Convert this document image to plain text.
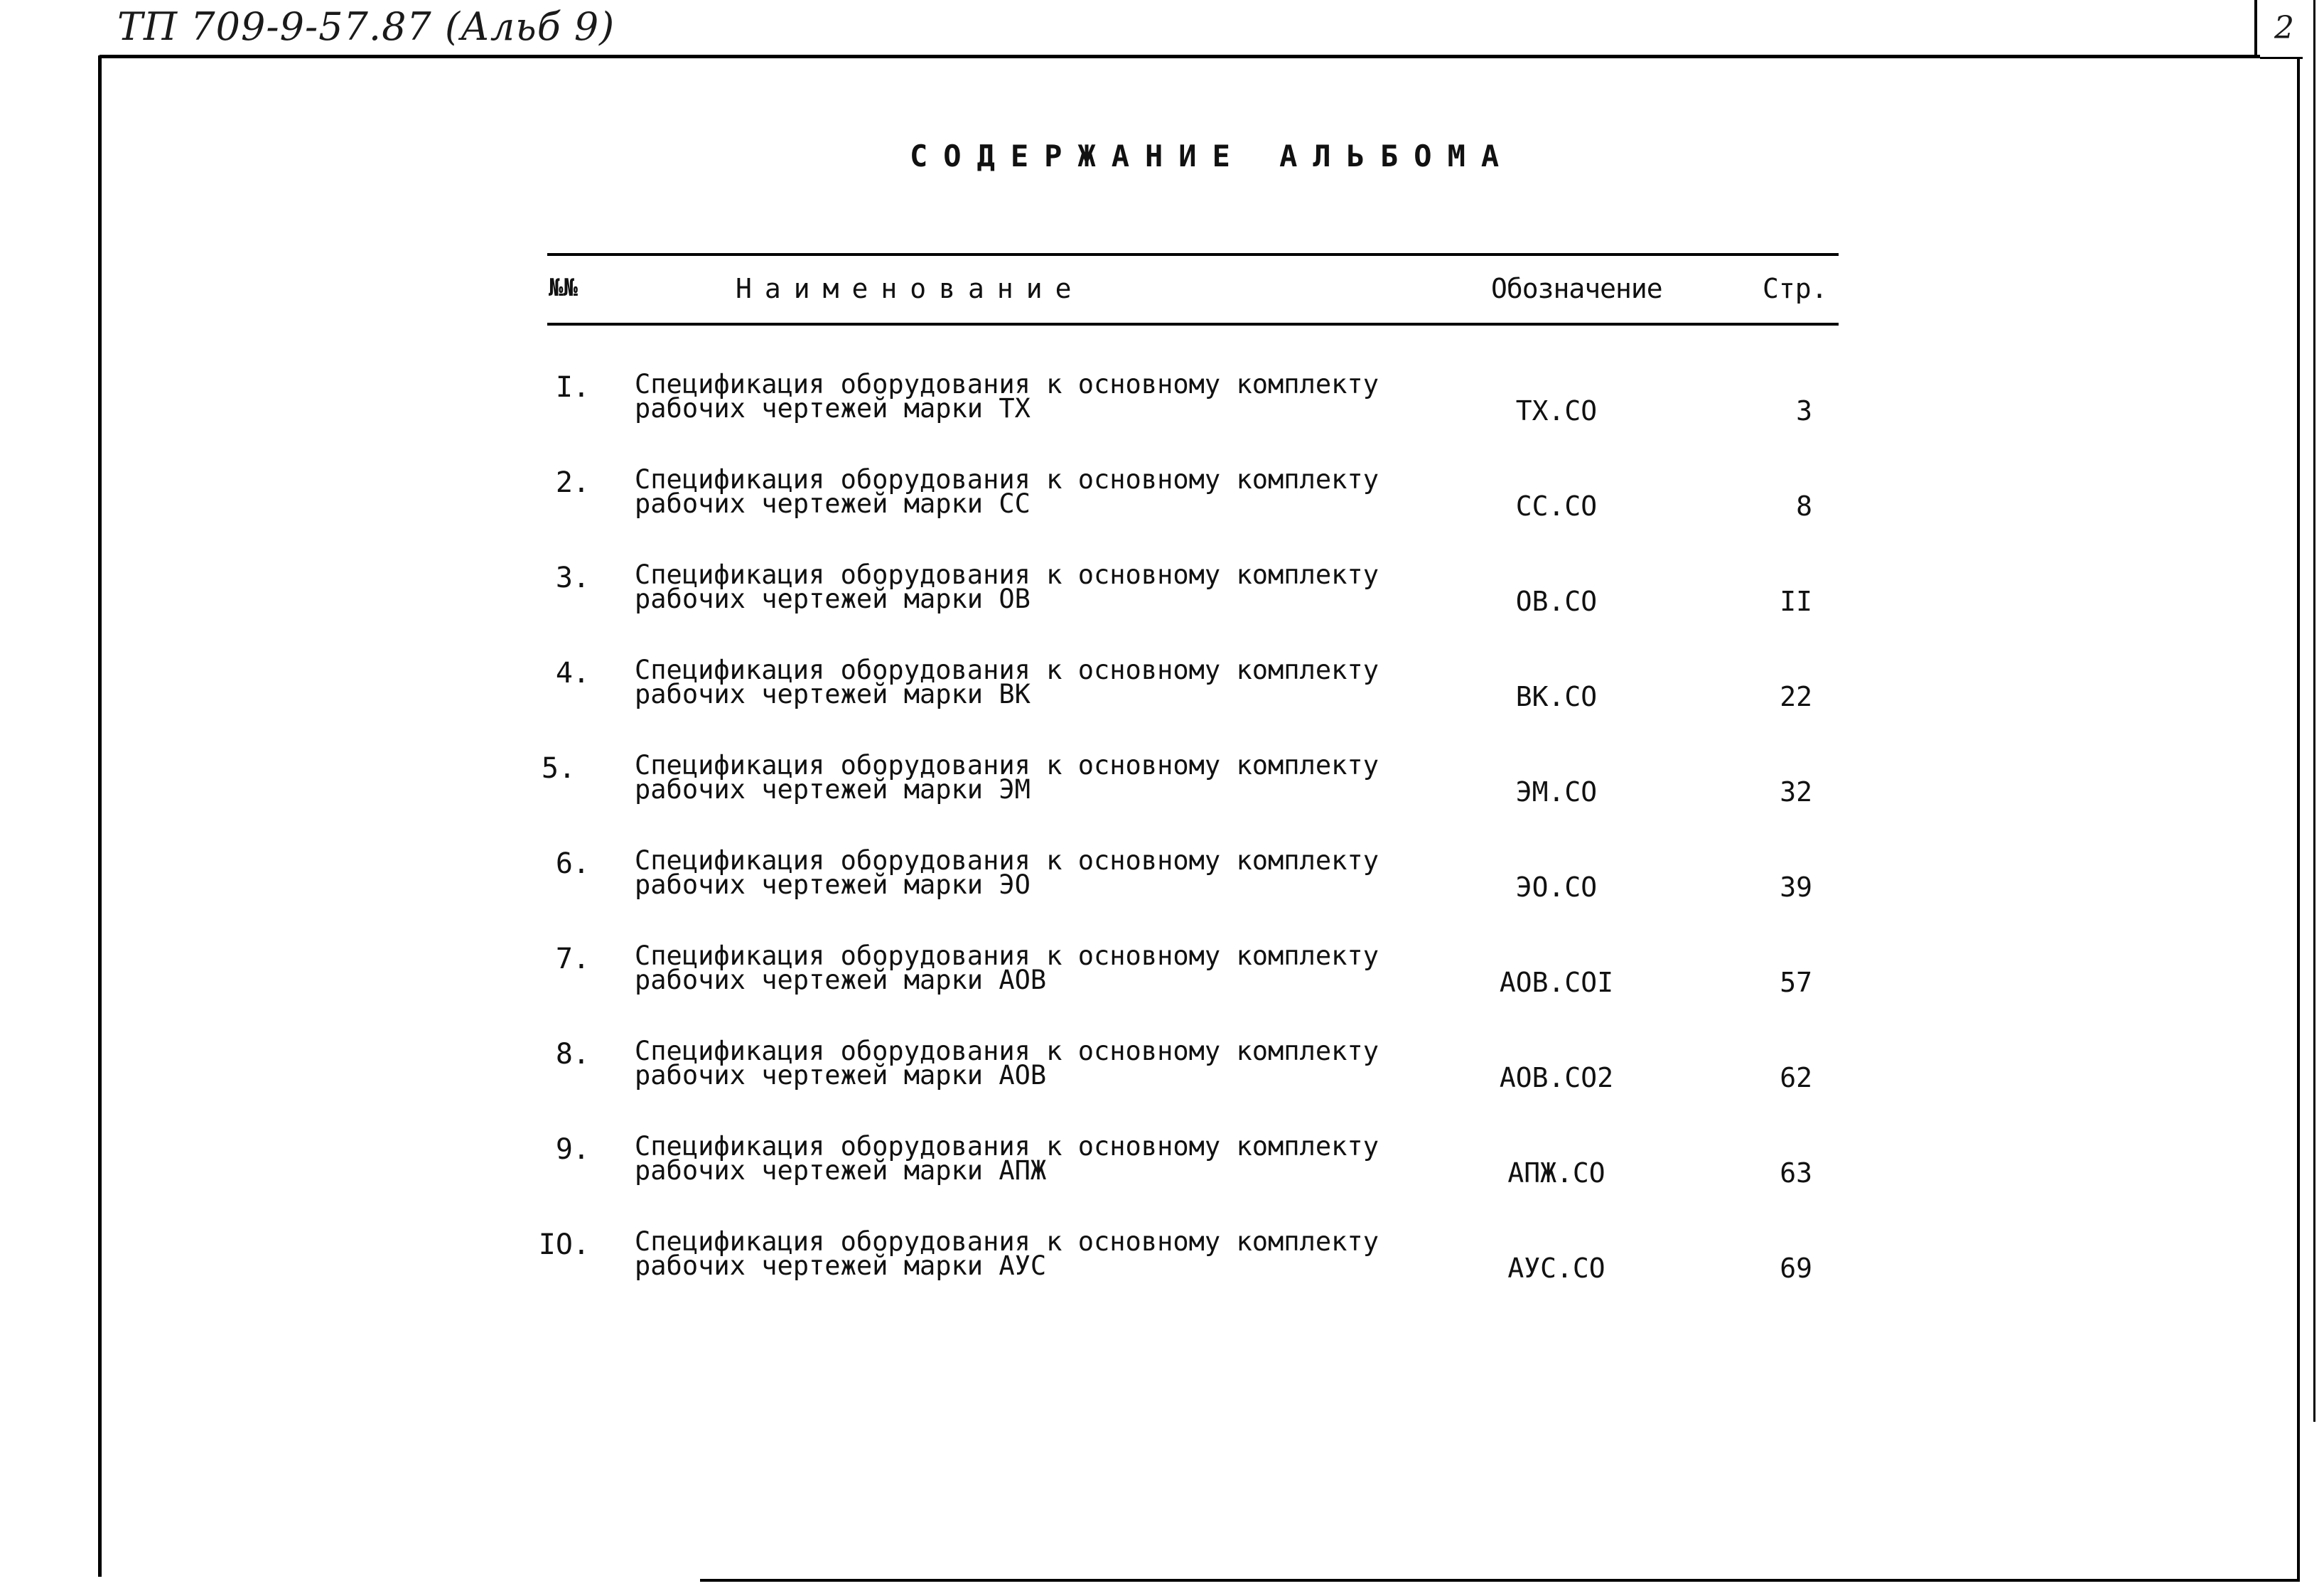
ТП 709-9-57.87 (Альб 9)	2
СОДЕРЖАНИЕ АЛЬБОМА
№№	Наименование	Обозначение	Стр.
I. Спецификация оборудования к основному комплекту
рабочих чертежей марки ТХ	ТХ.СО	3
2. Спецификация оборудования к основному комплекту
рабочих чертежей марки СС	СС.СО	8
3. Спецификация оборудования к основному комплекту
рабочих чертежей марки ОВ	ОВ.СО	II
4. Спецификация оборудования к основному комплекту
рабочих чертежей марки ВК	ВК.СО	22
5. Спецификация оборудования к основному комплекту
рабочих чертежей марки ЭМ	ЭМ.СО	32
6. Спецификация оборудования к основному комплекту
рабочих чертежей марки ЭО	ЭО.СО	39
7. Спецификация оборудования к основному комплекту
рабочих чертежей марки АОВ	АОВ.СОI	57
8. Спецификация оборудования к основному комплекту
рабочих чертежей марки АОВ	АОВ.СО2	62
9. Спецификация оборудования к основному комплекту
рабочих чертежей марки АПЖ	АПЖ.СО	63
IO. Спецификация оборудования к основному комплекту
рабочих чертежей марки АУС	АУС.СО	69
